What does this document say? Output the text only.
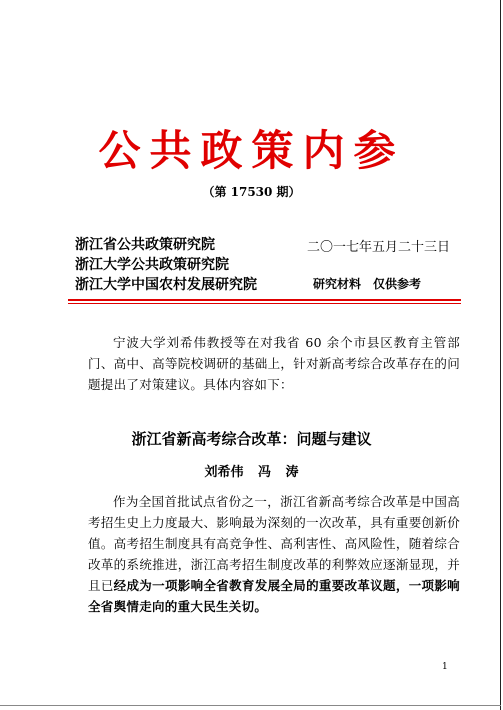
公共政策内参
（第 17530 期）
浙江省公共政策研究院
浙江大学公共政策研究院
浙江大学中国农村发展研究院
二〇一七年五月二十三日
研究材料　仅供参考
宁波大学刘希伟教授等在对我省 60 余个市县区教育主管部门、高中、高等院校调研的基础上，针对新高考综合改革存在的问题提出了对策建议。具体内容如下：
浙江省新高考综合改革：问题与建议
刘希伟 冯 涛
作为全国首批试点省份之一，浙江省新高考综合改革是中国高考招生史上力度最大、影响最为深刻的一次改革，具有重要创新价值。高考招生制度具有高竞争性、高利害性、高风险性，随着综合改革的系统推进，浙江高考招生制度改革的利弊效应逐渐显现，并且已经成为一项影响全省教育发展全局的重要改革议题，一项影响全省舆情走向的重大民生关切。
1
